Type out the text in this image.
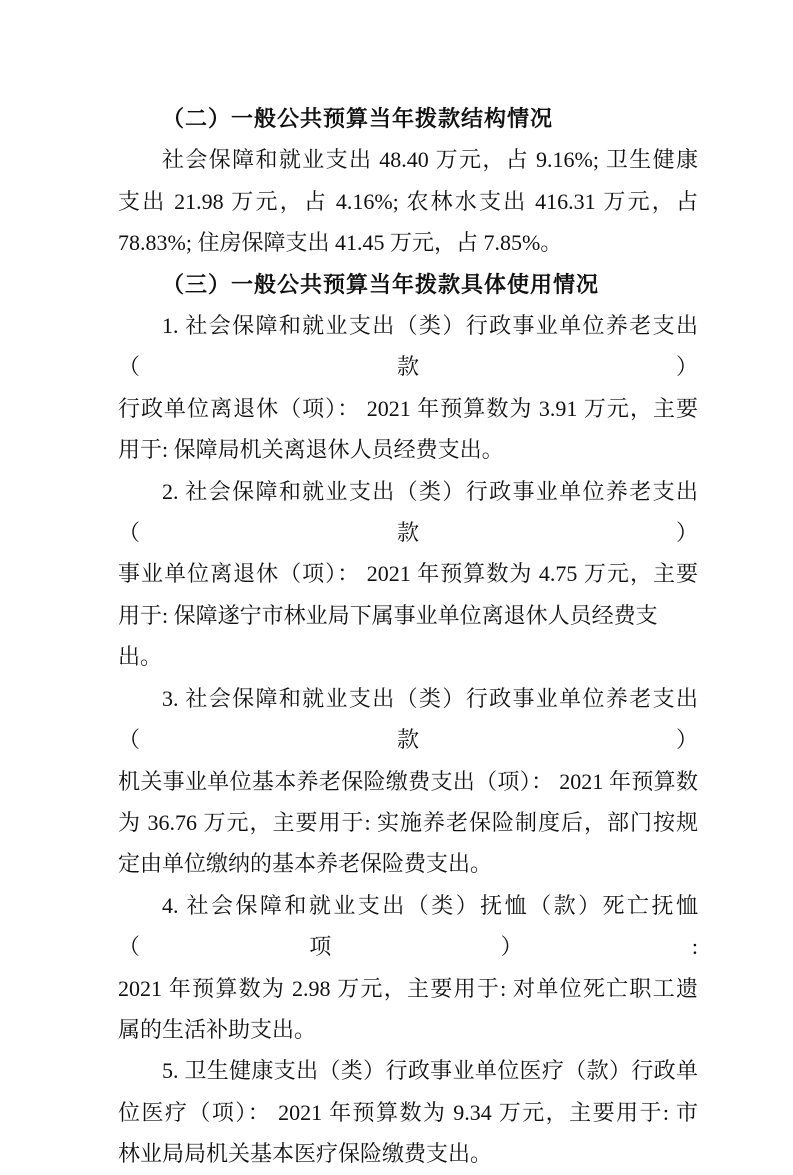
（二）一般公共预算当年拨款结构情况
社会保障和就业支出 48.40 万元，占 9.16%; 卫生健康
支出 21.98 万元，占 4.16%; 农林水支出 416.31 万元，占
78.83%; 住房保障支出 41.45 万元，占 7.85%。
（三）一般公共预算当年拨款具体使用情况
1. 社会保障和就业支出（类）行政事业单位养老支出（款）
行政单位离退休（项）： 2021 年预算数为 3.91 万元，主要
用于: 保障局机关离退休人员经费支出。
2. 社会保障和就业支出（类）行政事业单位养老支出（款）
事业单位离退休（项）： 2021 年预算数为 4.75 万元，主要
用于: 保障遂宁市林业局下属事业单位离退休人员经费支出。
3. 社会保障和就业支出（类）行政事业单位养老支出（款）
机关事业单位基本养老保险缴费支出（项）： 2021 年预算数
为 36.76 万元，主要用于: 实施养老保险制度后，部门按规
定由单位缴纳的基本养老保险费支出。
4. 社会保障和就业支出（类）抚恤（款）死亡抚恤（项）:
2021 年预算数为 2.98 万元，主要用于: 对单位死亡职工遗
属的生活补助支出。
5. 卫生健康支出（类）行政事业单位医疗（款）行政单
位医疗（项）： 2021 年预算数为 9.34 万元，主要用于: 市
林业局局机关基本医疗保险缴费支出。
